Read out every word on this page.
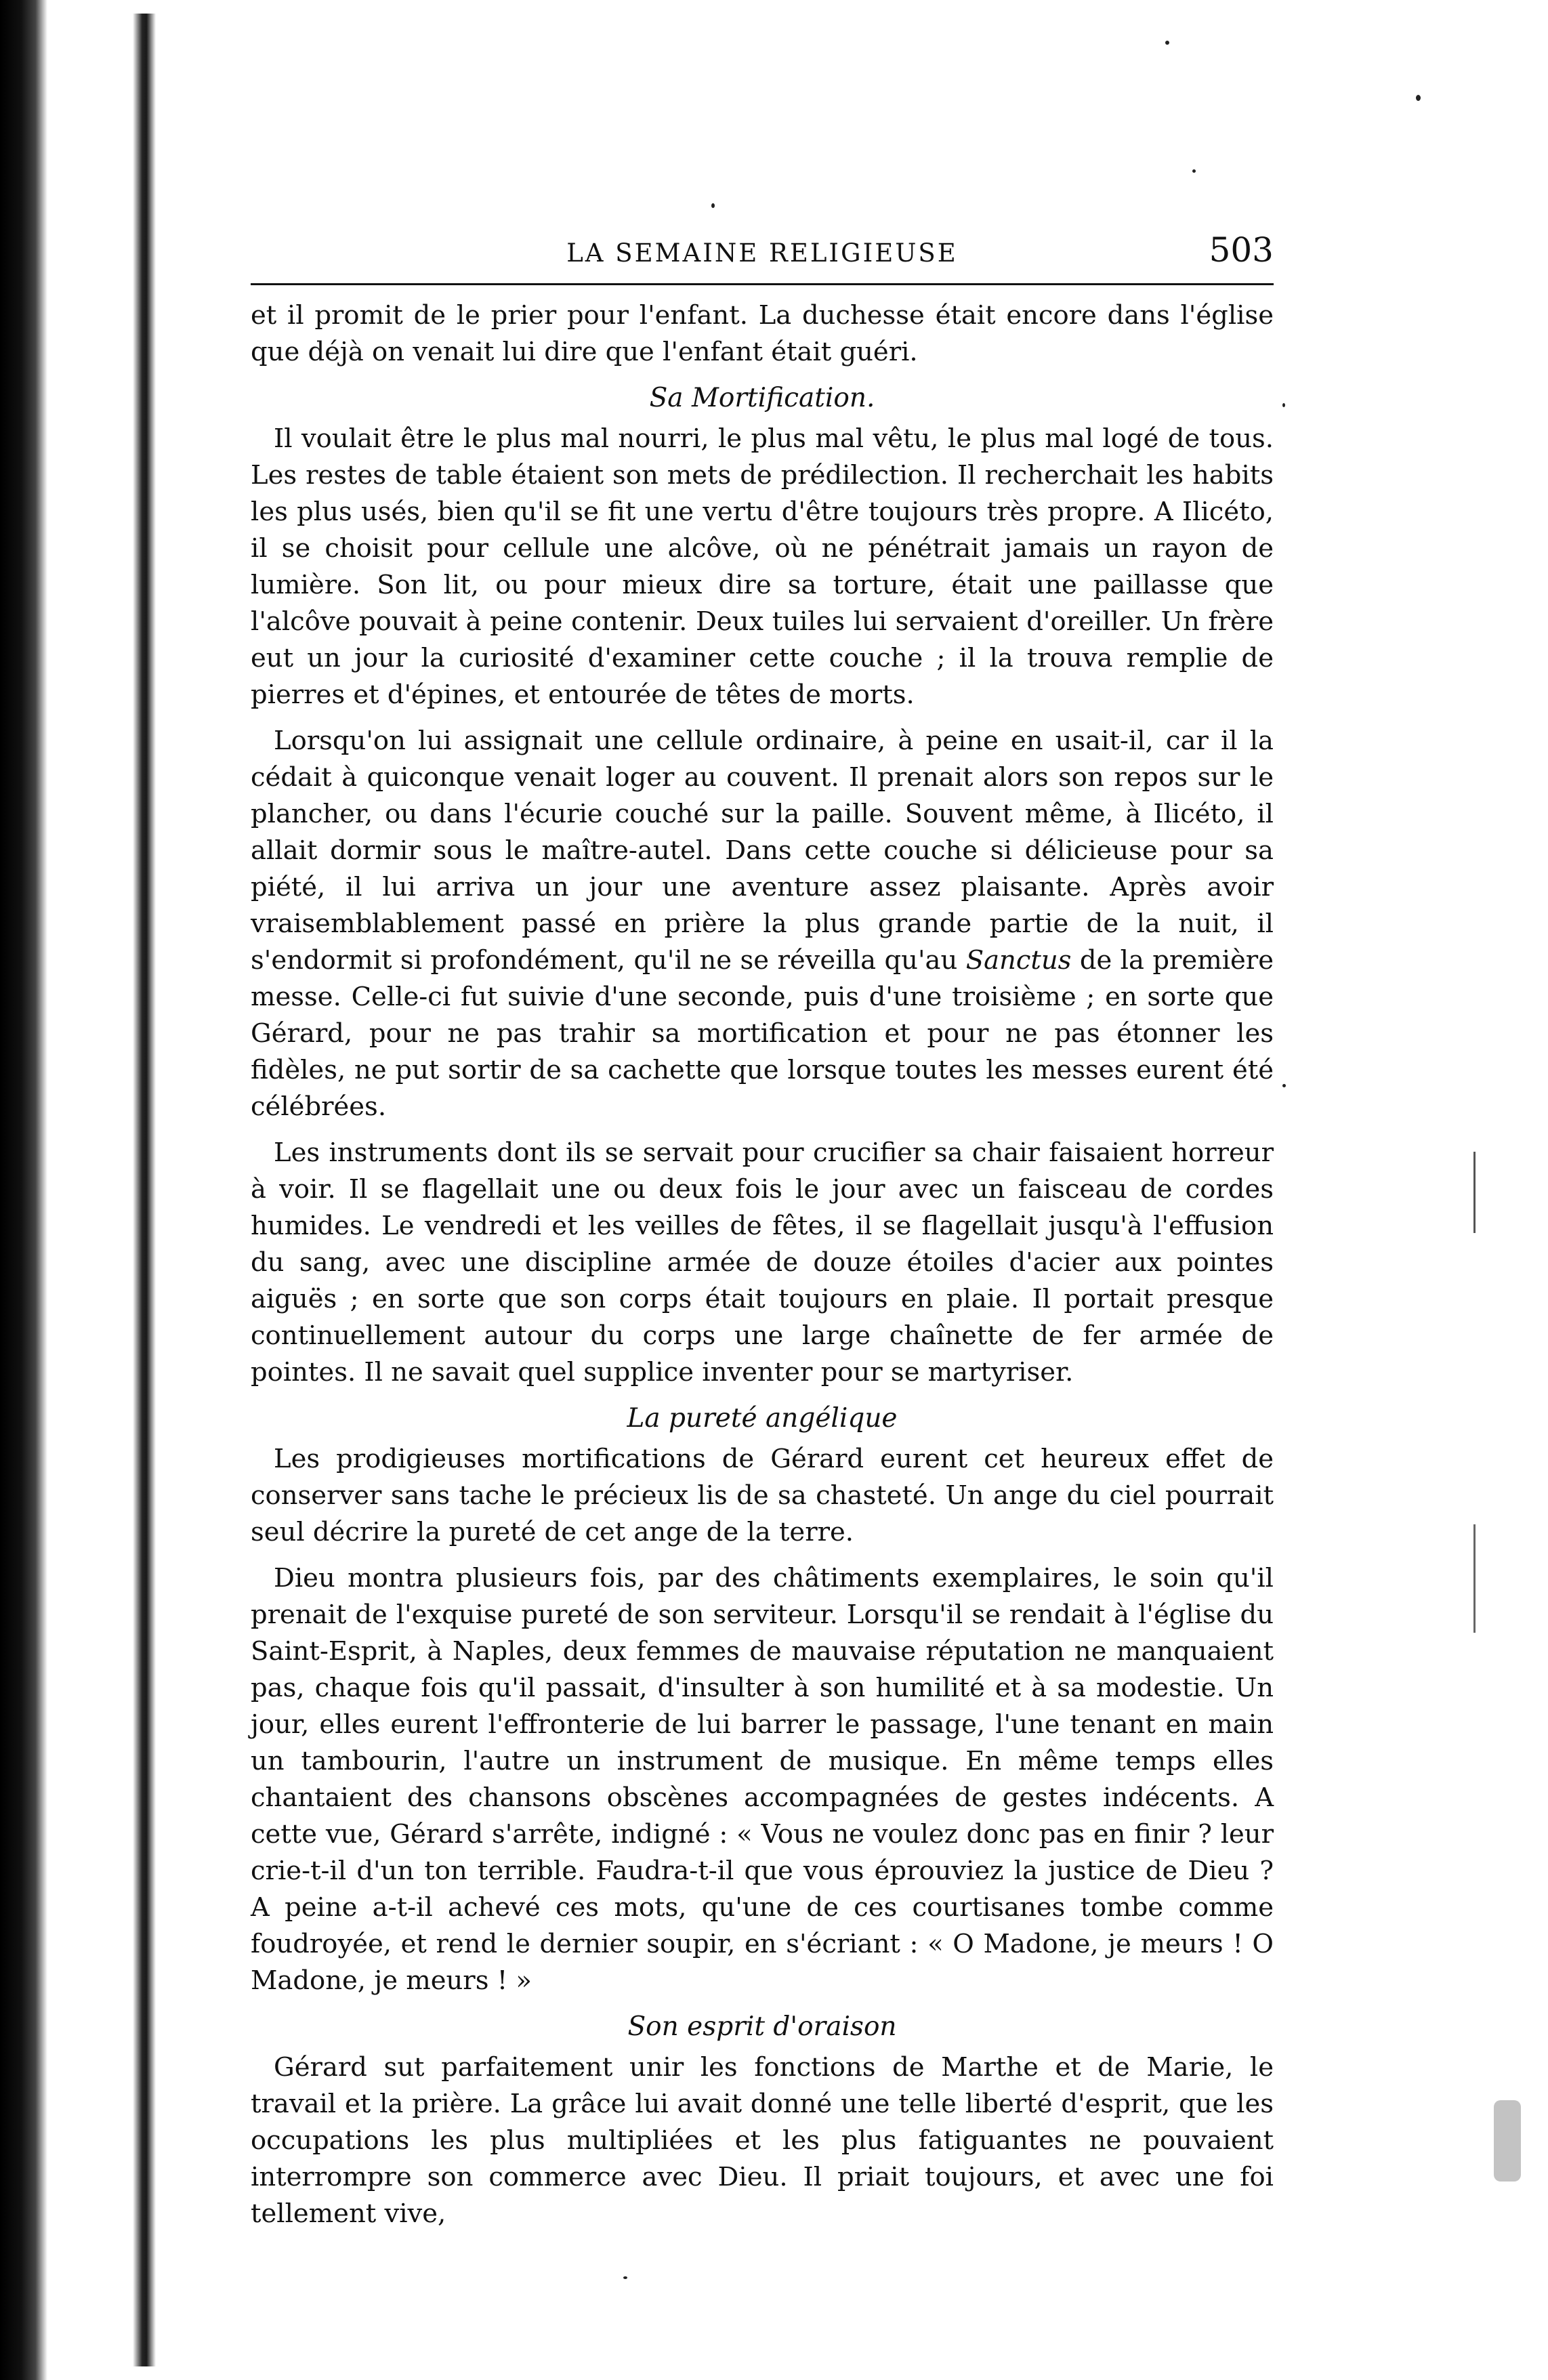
LA SEMAINE RELIGIEUSE	503

et il promit de le prier pour l'enfant. La duchesse était encore dans l'église que déjà on venait lui dire que l'enfant était guéri.

Sa Mortification.

Il voulait être le plus mal nourri, le plus mal vêtu, le plus mal logé de tous. Les restes de table étaient son mets de prédilection. Il recherchait les habits les plus usés, bien qu'il se fit une vertu d'être toujours très propre. A Ilicéto, il se choisit pour cellule une alcôve, où ne pénétrait jamais un rayon de lumière. Son lit, ou pour mieux dire sa torture, était une paillasse que l'alcôve pouvait à peine contenir. Deux tuiles lui servaient d'oreiller. Un frère eut un jour la curiosité d'examiner cette couche ; il la trouva remplie de pierres et d'épines, et entourée de têtes de morts.

Lorsqu'on lui assignait une cellule ordinaire, à peine en usait-il, car il la cédait à quiconque venait loger au couvent. Il prenait alors son repos sur le plancher, ou dans l'écurie couché sur la paille. Souvent même, à Ilicéto, il allait dormir sous le maître-autel. Dans cette couche si délicieuse pour sa piété, il lui arriva un jour une aventure assez plaisante. Après avoir vraisemblablement passé en prière la plus grande partie de la nuit, il s'endormit si profondément, qu'il ne se réveilla qu'au Sanctus de la première messe. Celle-ci fut suivie d'une seconde, puis d'une troisième ; en sorte que Gérard, pour ne pas trahir sa mortification et pour ne pas étonner les fidèles, ne put sortir de sa cachette que lorsque toutes les messes eurent été célébrées.

Les instruments dont ils se servait pour crucifier sa chair faisaient horreur à voir. Il se flagellait une ou deux fois le jour avec un faisceau de cordes humides. Le vendredi et les veilles de fêtes, il se flagellait jusqu'à l'effusion du sang, avec une discipline armée de douze étoiles d'acier aux pointes aiguës ; en sorte que son corps était toujours en plaie. Il portait presque continuellement autour du corps une large chaînette de fer armée de pointes. Il ne savait quel supplice inventer pour se martyriser.

La pureté angélique

Les prodigieuses mortifications de Gérard eurent cet heureux effet de conserver sans tache le précieux lis de sa chasteté. Un ange du ciel pourrait seul décrire la pureté de cet ange de la terre.

Dieu montra plusieurs fois, par des châtiments exemplaires, le soin qu'il prenait de l'exquise pureté de son serviteur. Lorsqu'il se rendait à l'église du Saint-Esprit, à Naples, deux femmes de mauvaise réputation ne manquaient pas, chaque fois qu'il passait, d'insulter à son humilité et à sa modestie. Un jour, elles eurent l'effronterie de lui barrer le passage, l'une tenant en main un tambourin, l'autre un instrument de musique. En même temps elles chantaient des chansons obscènes accompagnées de gestes indécents. A cette vue, Gérard s'arrête, indigné : « Vous ne voulez donc pas en finir ? leur crie-t-il d'un ton terrible. Faudra-t-il que vous éprouviez la justice de Dieu ? A peine a-t-il achevé ces mots, qu'une de ces courtisanes tombe comme foudroyée, et rend le dernier soupir, en s'écriant : « O Madone, je meurs ! O Madone, je meurs ! »

Son esprit d'oraison

Gérard sut parfaitement unir les fonctions de Marthe et de Marie, le travail et la prière. La grâce lui avait donné une telle liberté d'esprit, que les occupations les plus multipliées et les plus fatiguantes ne pouvaient interrompre son commerce avec Dieu. Il priait toujours, et avec une foi tellement vive,
